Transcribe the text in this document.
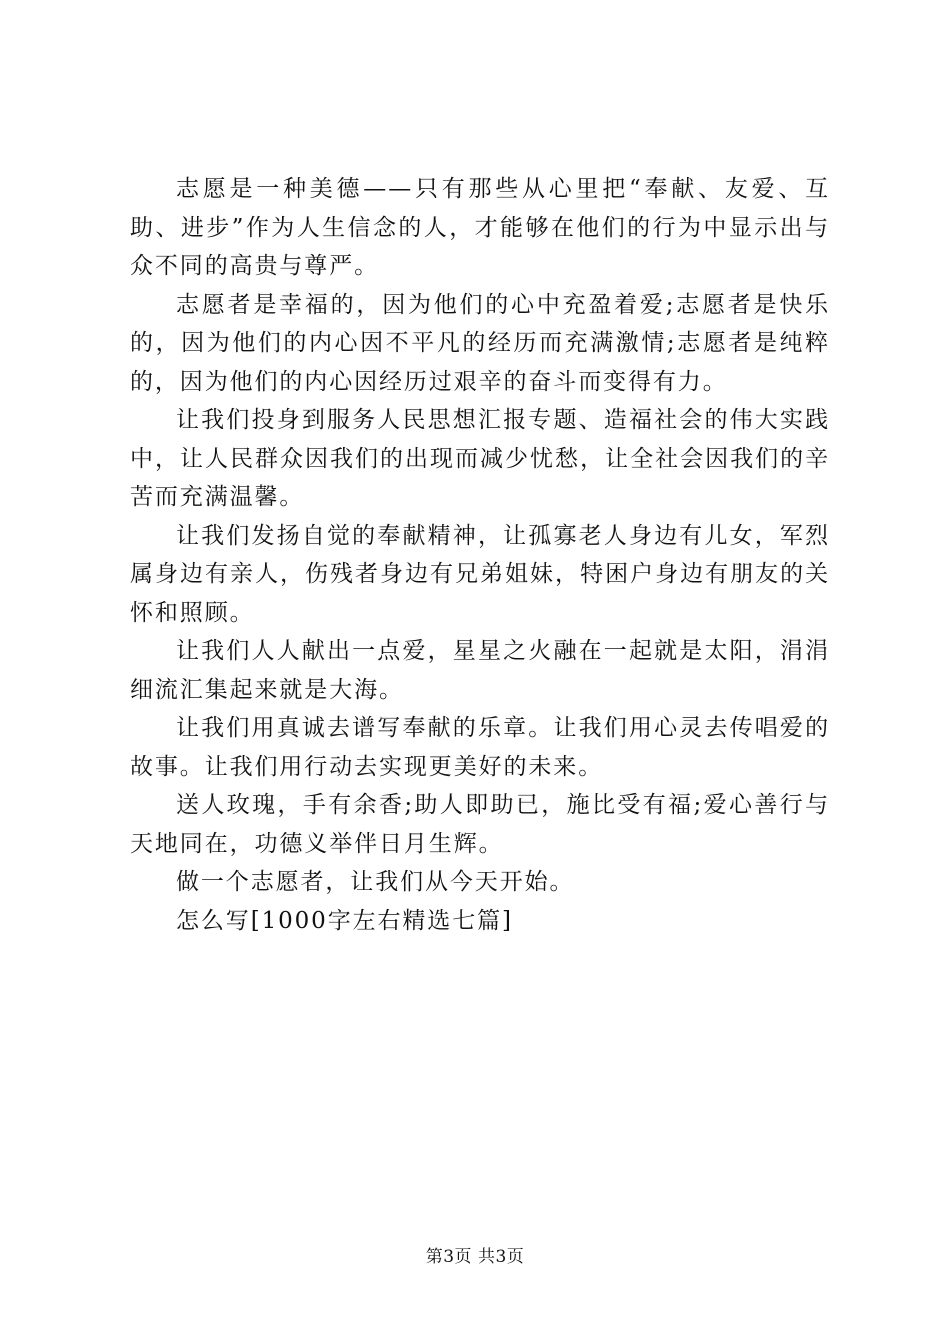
志愿是一种美德——只有那些从心里把“奉献、友爱、互助、进步”作为人生信念的人，才能够在他们的行为中显示出与众不同的高贵与尊严。

志愿者是幸福的，因为他们的心中充盈着爱;志愿者是快乐的，因为他们的内心因不平凡的经历而充满激情;志愿者是纯粹的，因为他们的内心因经历过艰辛的奋斗而变得有力。

让我们投身到服务人民思想汇报专题、造福社会的伟大实践中，让人民群众因我们的出现而减少忧愁，让全社会因我们的辛苦而充满温馨。

让我们发扬自觉的奉献精神，让孤寡老人身边有儿女，军烈属身边有亲人，伤残者身边有兄弟姐妹，特困户身边有朋友的关怀和照顾。

让我们人人献出一点爱，星星之火融在一起就是太阳，涓涓细流汇集起来就是大海。

让我们用真诚去谱写奉献的乐章。让我们用心灵去传唱爱的故事。让我们用行动去实现更美好的未来。

送人玫瑰，手有余香;助人即助已，施比受有福;爱心善行与天地同在，功德义举伴日月生辉。

做一个志愿者，让我们从今天开始。

怎么写[1000字左右精选七篇]

第3页 共3页
